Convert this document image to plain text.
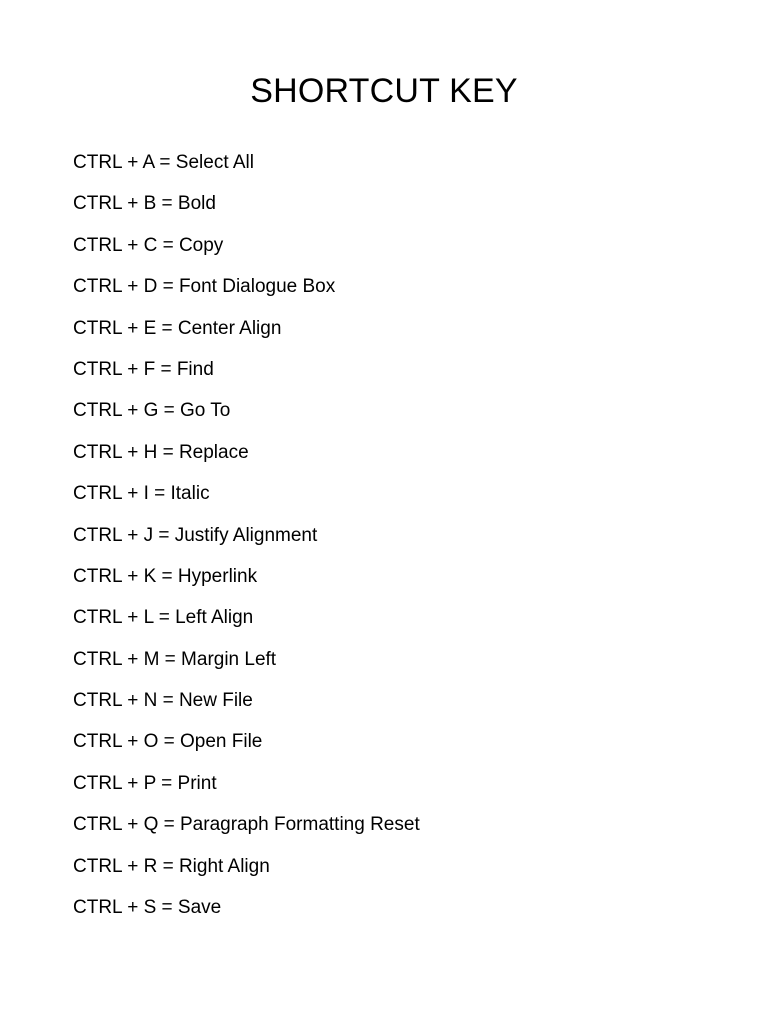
SHORTCUT KEY
CTRL + A = Select All
CTRL + B = Bold
CTRL + C = Copy
CTRL + D = Font Dialogue Box
CTRL + E = Center Align
CTRL + F = Find
CTRL + G = Go To
CTRL + H = Replace
CTRL + I = Italic
CTRL + J = Justify Alignment
CTRL + K = Hyperlink
CTRL + L = Left Align
CTRL + M = Margin Left
CTRL + N = New File
CTRL + O = Open File
CTRL + P = Print
CTRL + Q = Paragraph Formatting Reset
CTRL + R = Right Align
CTRL + S = Save
